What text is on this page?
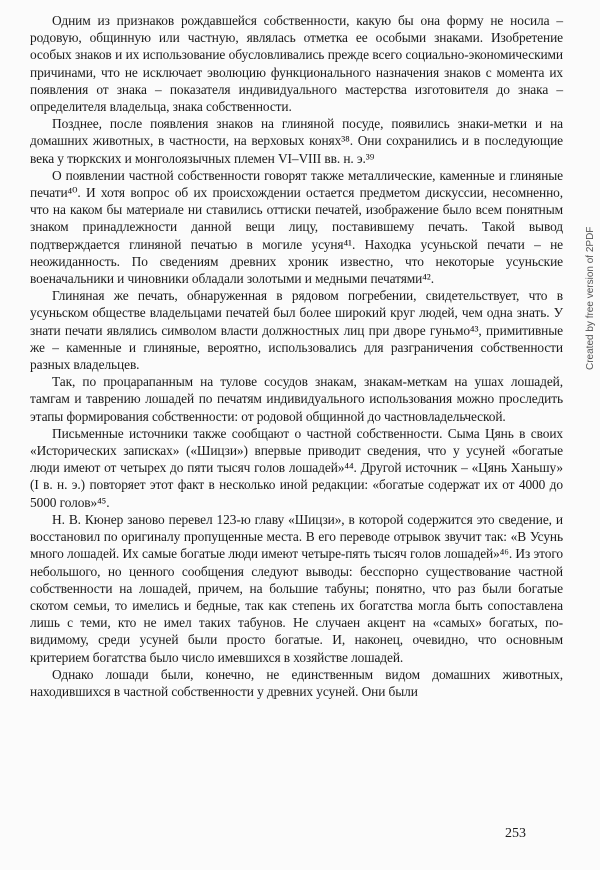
Одним из признаков рождавшейся собственности, какую бы она форму не носила – родовую, общинную или частную, являлась отметка ее особыми знаками. Изобретение особых знаков и их использование обусловливались прежде всего социально-экономическими причинами, что не исключает эволюцию функционального назначения знаков с момента их появления от знака – показателя индивидуального мастерства изготовителя до знака – определителя владельца, знака собственности.

Позднее, после появления знаков на глиняной посуде, появились знаки-метки и на домашних животных, в частности, на верховых конях³⁸. Они сохранились и в последующие века у тюркских и монголоязычных племен VI–VIII вв. н. э.³⁹

О появлении частной собственности говорят также металлические, каменные и глиняные печати⁴⁰. И хотя вопрос об их происхождении остается предметом дискуссии, несомненно, что на каком бы материале ни ставились оттиски печатей, изображение было всем понятным знаком принадлежности данной вещи лицу, поставившему печать. Такой вывод подтверждается глиняной печатью в могиле усуня⁴¹. Находка усуньской печати – не неожиданность. По сведениям древних хроник известно, что некоторые усуньские военачальники и чиновники обладали золотыми и медными печатями⁴².

Глиняная же печать, обнаруженная в рядовом погребении, свидетельствует, что в усуньском обществе владельцами печатей был более широкий круг людей, чем одна знать. У знати печати являлись символом власти должностных лиц при дворе гуньмо⁴³, примитивные же – каменные и глиняные, вероятно, использовались для разграничения собственности разных владельцев.

Так, по процарапанным на тулове сосудов знакам, знакам-меткам на ушах лошадей, тамгам и таврению лошадей по печатям индивидуального использования можно проследить этапы формирования собственности: от родовой общинной до частновладельческой.

Письменные источники также сообщают о частной собственности. Сыма Цянь в своих «Исторических записках» («Шицзи») впервые приводит сведения, что у усуней «богатые люди имеют от четырех до пяти тысяч голов лошадей»⁴⁴. Другой источник – «Цянь Ханьшу» (I в. н. э.) повторяет этот факт в несколько иной редакции: «богатые содержат их от 4000 до 5000 голов»⁴⁵.

Н. В. Кюнер заново перевел 123-ю главу «Шицзи», в которой содержится это сведение, и восстановил по оригиналу пропущенные места. В его переводе отрывок звучит так: «В Усунь много лошадей. Их самые богатые люди имеют четыре-пять тысяч голов лошадей»⁴⁶. Из этого небольшого, но ценного сообщения следуют выводы: бесспорно существование частной собственности на лошадей, причем, на большие табуны; понятно, что раз были богатые скотом семьи, то имелись и бедные, так как степень их богатства могла быть сопоставлена лишь с теми, кто не имел таких табунов. Не случаен акцент на «самых» богатых, по-видимому, среди усуней были просто богатые. И, наконец, очевидно, что основным критерием богатства было число имевшихся в хозяйстве лошадей.

Однако лошади были, конечно, не единственным видом домашних животных, находившихся в частной собственности у древних усуней. Они были

Created by free version of 2PDF
253
